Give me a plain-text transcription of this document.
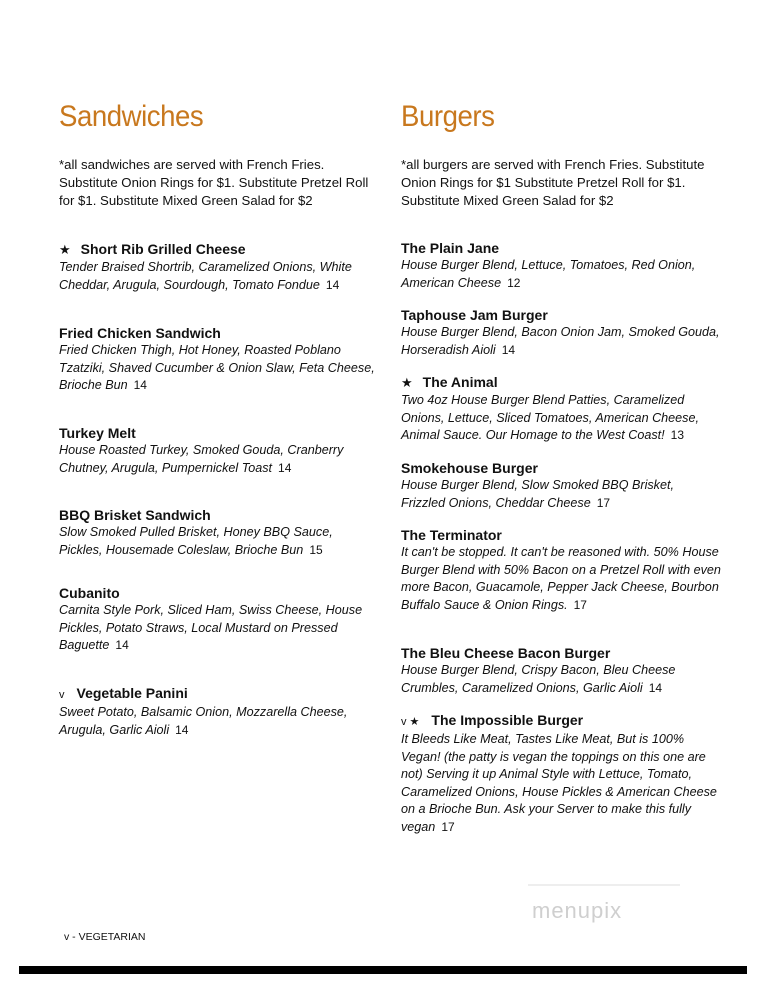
Sandwiches
*all sandwiches are served with French Fries. Substitute Onion Rings for $1. Substitute Pretzel Roll for $1. Substitute Mixed Green Salad for $2
★ Short Rib Grilled Cheese
Tender Braised Shortrib, Caramelized Onions, White Cheddar, Arugula, Sourdough, Tomato Fondue 14
Fried Chicken Sandwich
Fried Chicken Thigh, Hot Honey, Roasted Poblano Tzatziki, Shaved Cucumber & Onion Slaw, Feta Cheese, Brioche Bun 14
Turkey Melt
House Roasted Turkey, Smoked Gouda, Cranberry Chutney, Arugula, Pumpernickel Toast 14
BBQ Brisket Sandwich
Slow Smoked Pulled Brisket, Honey BBQ Sauce, Pickles, Housemade Coleslaw, Brioche Bun 15
Cubanito
Carnita Style Pork, Sliced Ham, Swiss Cheese, House Pickles, Potato Straws, Local Mustard on Pressed Baguette 14
v Vegetable Panini
Sweet Potato, Balsamic Onion, Mozzarella Cheese, Arugula, Garlic Aioli 14
Burgers
*all burgers are served with French Fries. Substitute Onion Rings for $1 Substitute Pretzel Roll for $1. Substitute Mixed Green Salad for $2
The Plain Jane
House Burger Blend, Lettuce, Tomatoes, Red Onion, American Cheese 12
Taphouse Jam Burger
House Burger Blend, Bacon Onion Jam, Smoked Gouda, Horseradish Aioli 14
★ The Animal
Two 4oz House Burger Blend Patties, Caramelized Onions, Lettuce, Sliced Tomatoes, American Cheese, Animal Sauce. Our Homage to the West Coast! 13
Smokehouse Burger
House Burger Blend, Slow Smoked BBQ Brisket, Frizzled Onions, Cheddar Cheese 17
The Terminator
It can't be stopped. It can't be reasoned with. 50% House Burger Blend with 50% Bacon on a Pretzel Roll with even more Bacon, Guacamole, Pepper Jack Cheese, Bourbon Buffalo Sauce & Onion Rings. 17
The Bleu Cheese Bacon Burger
House Burger Blend, Crispy Bacon, Bleu Cheese Crumbles, Caramelized Onions, Garlic Aioli 14
v ★ The Impossible Burger
It Bleeds Like Meat, Tastes Like Meat, But is 100% Vegan! (the patty is vegan the toppings on this one are not) Serving it up Animal Style with Lettuce, Tomato, Caramelized Onions, House Pickles & American Cheese on a Brioche Bun. Ask your Server to make this fully vegan 17
menupix
v - VEGETARIAN
